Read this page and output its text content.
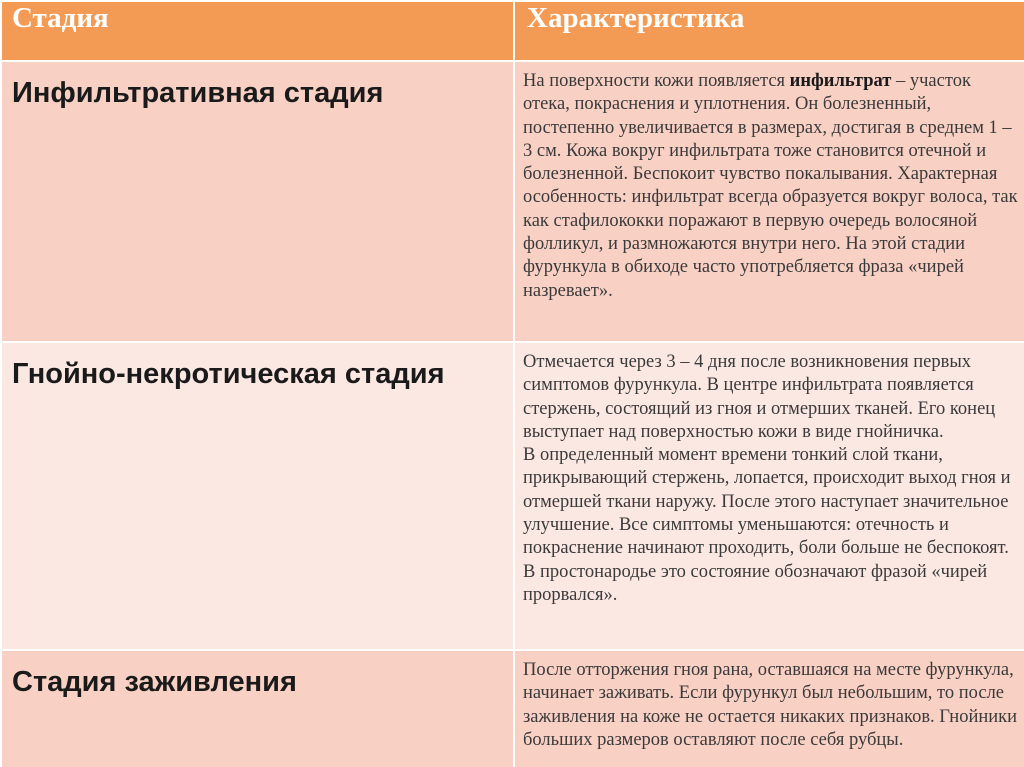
Стадия	Характеристика

Инфильтративная стадия	На поверхности кожи появляется инфильтрат – участок отека, покраснения и уплотнения. Он болезненный, постепенно увеличивается в размерах, достигая в среднем 1 – 3 см. Кожа вокруг инфильтрата тоже становится отечной и болезненной. Беспокоит чувство покалывания. Характерная особенность: инфильтрат всегда образуется вокруг волоса, так как стафилококки поражают в первую очередь волосяной фолликул, и размножаются внутри него. На этой стадии фурункула в обиходе часто употребляется фраза «чирей назревает».

Гнойно-некротическая стадия	Отмечается через 3 – 4 дня после возникновения первых симптомов фурункула. В центре инфильтрата появляется стержень, состоящий из гноя и отмерших тканей. Его конец выступает над поверхностью кожи в виде гнойничка.
В определенный момент времени тонкий слой ткани, прикрывающий стержень, лопается, происходит выход гноя и отмершей ткани наружу. После этого наступает значительное улучшение. Все симптомы уменьшаются: отечность и покраснение начинают проходить, боли больше не беспокоят. В простонародье это состояние обозначают фразой «чирей прорвался».

Стадия заживления	После отторжения гноя рана, оставшаяся на месте фурункула, начинает заживать. Если фурункул был небольшим, то после заживления на коже не остается никаких признаков. Гнойники больших размеров оставляют после себя рубцы.
